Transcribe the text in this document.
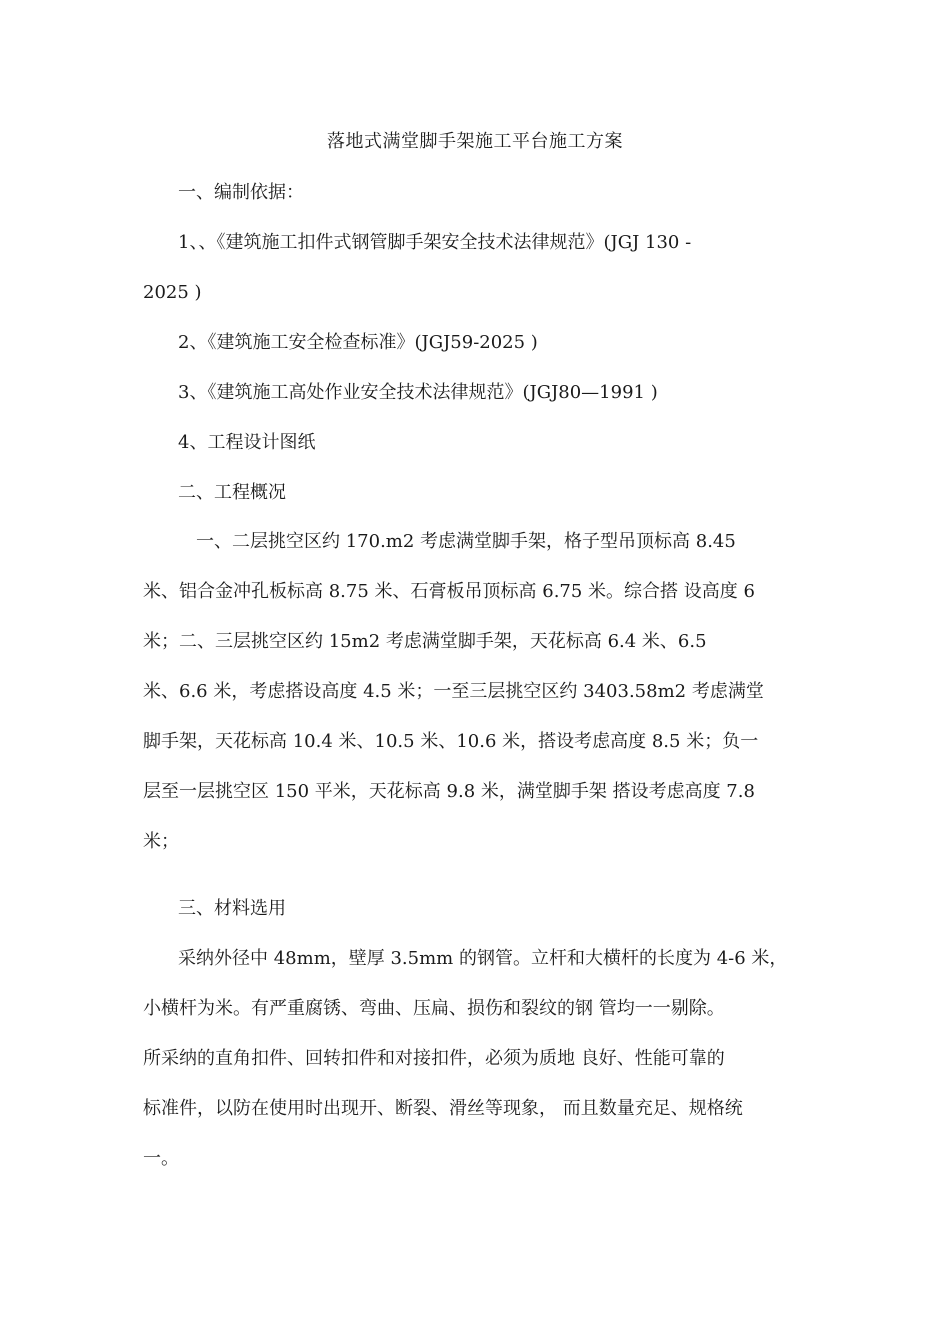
落地式满堂脚手架施工平台施工方案
一、编制依据：
1、、《建筑施工扣件式钢管脚手架安全技术法律规范》(JGJ 130 -
2025 )
2、《建筑施工安全检查标准》(JGJ59-2025 )
3、《建筑施工高处作业安全技术法律规范》(JGJ80—1991 )
4、工程设计图纸
二、工程概况
一、二层挑空区约 170.m2 考虑满堂脚手架，格子型吊顶标高 8.45
米、铝合金冲孔板标高 8.75 米、石膏板吊顶标高 6.75 米。综合搭 设高度 6
米；二、三层挑空区约 15m2 考虑满堂脚手架，天花标高 6.4 米、6.5
米、6.6 米，考虑搭设高度 4.5 米；一至三层挑空区约 3403.58m2 考虑满堂
脚手架，天花标高 10.4 米、10.5 米、10.6 米，搭设考虑高度 8.5 米；负一
层至一层挑空区 150 平米，天花标高 9.8 米，满堂脚手架 搭设考虑高度 7.8
米；
三、材料选用
采纳外径中 48mm，壁厚 3.5mm 的钢管。立杆和大横杆的长度为 4-6 米，
小横杆为米。有严重腐锈、弯曲、压扁、损伤和裂纹的钢 管均一一剔除。
所采纳的直角扣件、回转扣件和对接扣件，必须为质地 良好、性能可靠的
标准件，以防在使用时出现开、断裂、滑丝等现象， 而且数量充足、规格统
一。
